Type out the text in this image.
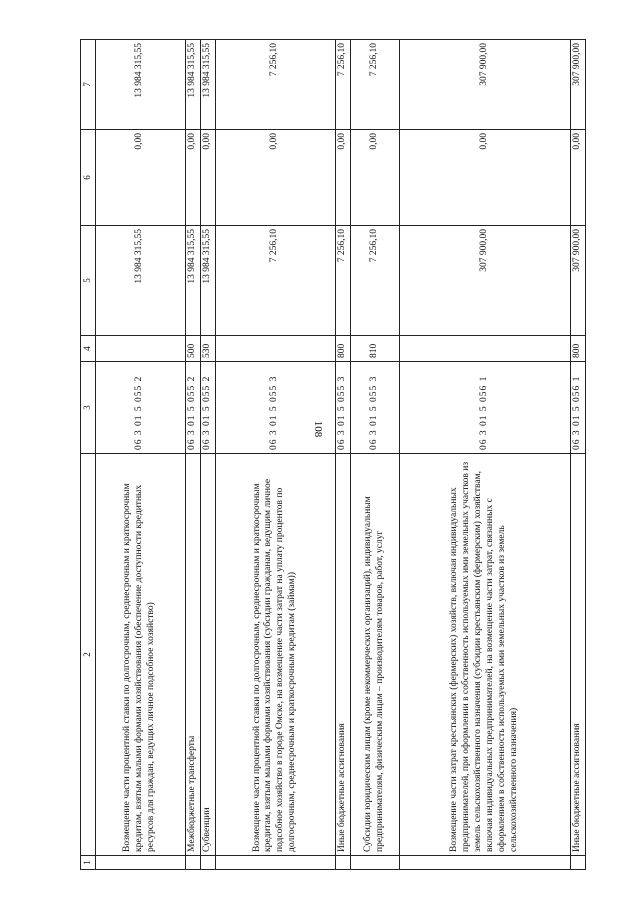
108
1	2	3	4	5	6	7
	Возмещение части процентной ставки по долгосрочным, среднесрочным и краткосрочным кредитам, взятым малыми формами хозяйствования (обеспечение доступности кредитных ресурсов для граждан, ведущих личное подсобное хозяйство)	06 3 01 5 055 2		13 984 315,55	0,00	13 984 315,55
	Межбюджетные трансферты	06 3 01 5 055 2	500	13 984 315,55	0,00	13 984 315,55
	Субвенции	06 3 01 5 055 2	530	13 984 315,55	0,00	13 984 315,55
	Возмещение части процентной ставки по долгосрочным, среднесрочным и краткосрочным кредитам, взятым малыми формами хозяйствования (субсидии гражданам, ведущим личное подсобное хозяйство в городе Омске, на возмещение части затрат на уплату процентов по долгосрочным, среднесрочным и краткосрочным кредитам (займам))	06 3 01 5 055 3		7 256,10	0,00	7 256,10
	Иные бюджетные ассигнования	06 3 01 5 055 3	800	7 256,10	0,00	7 256,10
	Субсидии юридическим лицам (кроме некоммерческих организаций), индивидуальным предпринимателям, физическим лицам – производителям товаров, работ, услуг	06 3 01 5 055 3	810	7 256,10	0,00	7 256,10
	Возмещение части затрат крестьянских (фермерских) хозяйств, включая индивидуальных предпринимателей, при оформлении в собственность используемых ими земельных участков из земель сельскохозяйственного назначения (субсидии крестьянским (фермерским) хозяйствам, включая индивидуальных предпринимателей, на возмещение части затрат, связанных с оформлением в собственность используемых ими земельных участков из земель сельскохозяйственного назначения)	06 3 01 5 056 1		307 900,00	0,00	307 900,00
	Иные бюджетные ассигнования	06 3 01 5 056 1	800	307 900,00	0,00	307 900,00
